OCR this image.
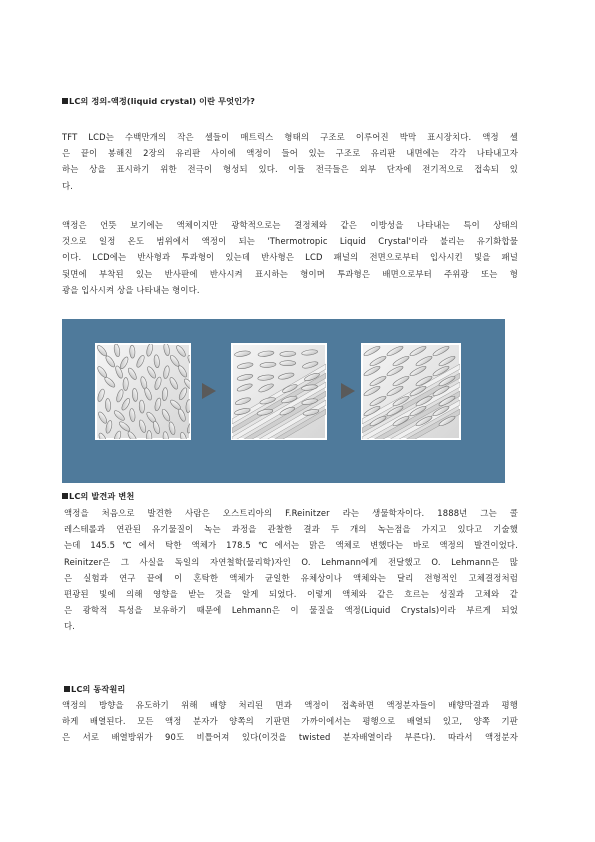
LC의 정의-액정(liquid crystal) 이란 무엇인가?
TFT LCD는 수백만개의 작은 셀들이 매트릭스 형태의 구조로 이루어진 박막 표시장치다. 액정 셀
은 끝이 봉해진 2장의 유리판 사이에 액정이 들어 있는 구조로 유리판 내면에는 각각 나타내고자
하는 상을 표시하기 위한 전극이 형성되 있다. 이들 전극들은 외부 단자에 전기적으로 접속되 있
다.
액정은 언뜻 보기에는 액체이지만 광학적으로는 결정체와 같은 이방성을 나타내는 특이 상태의
것으로 일정 온도 범위에서 액정이 되는 'Thermotropic Liquid Crystal'이라 불리는 유기화합물
이다. LCD에는 반사형과 투과형이 있는데 반사형은 LCD 패널의 전면으로부터 입사시킨 빛을 패널
뒷면에 부착된 있는 반사판에 반사시켜 표시하는 형이며 투과형은 배면으로부터 주위광 또는 형
광을 입사시켜 상을 나타내는 형이다.
LC의 발견과 변천
액정을 처음으로 발견한 사람은 오스트리아의 F.Reinitzer 라는 생물학자이다. 1888년 그는 콜
레스테롤과 연관된 유기물질이 녹는 과정을 관찰한 결과 두 개의 녹는점을 가지고 있다고 기술했
는데 145.5℃에서 탁한 액체가 178.5℃에서는 맑은 액체로 변했다는 바로 액정의 발견이었다.
Reinitzer은 그 사실을 독일의 자연철학(물리학)자인 O. Lehmann에게 전달했고 O. Lehmann은 많
은 실험과 연구 끝에 이 혼탁한 액체가 균일한 유체상이나 액체와는 달리 전형적인 고체결정처럼
편광된 빛에 의해 영향을 받는 것을 알게 되었다. 이렇게 액체와 같은 흐르는 성질과 고체와 같
은 광학적 특성을 보유하기 때문에 Lehmann은 이 물질을 액정(Liquid Crystals)이라 부르게 되었
다.
LC의 동작원리
액정의 방향을 유도하기 위해 배향 처리된 면과 액정이 접촉하면 액정분자들이 배향막결과 평행
하게 배열된다. 모든 액정 분자가 양쪽의 기판면 가까이에서는 평행으로 배열되 있고, 양쪽 기판
은 서로 배열방위가 90도 비틀어져 있다(이것을 twisted 분자배열이라 부른다). 따라서 액정분자
